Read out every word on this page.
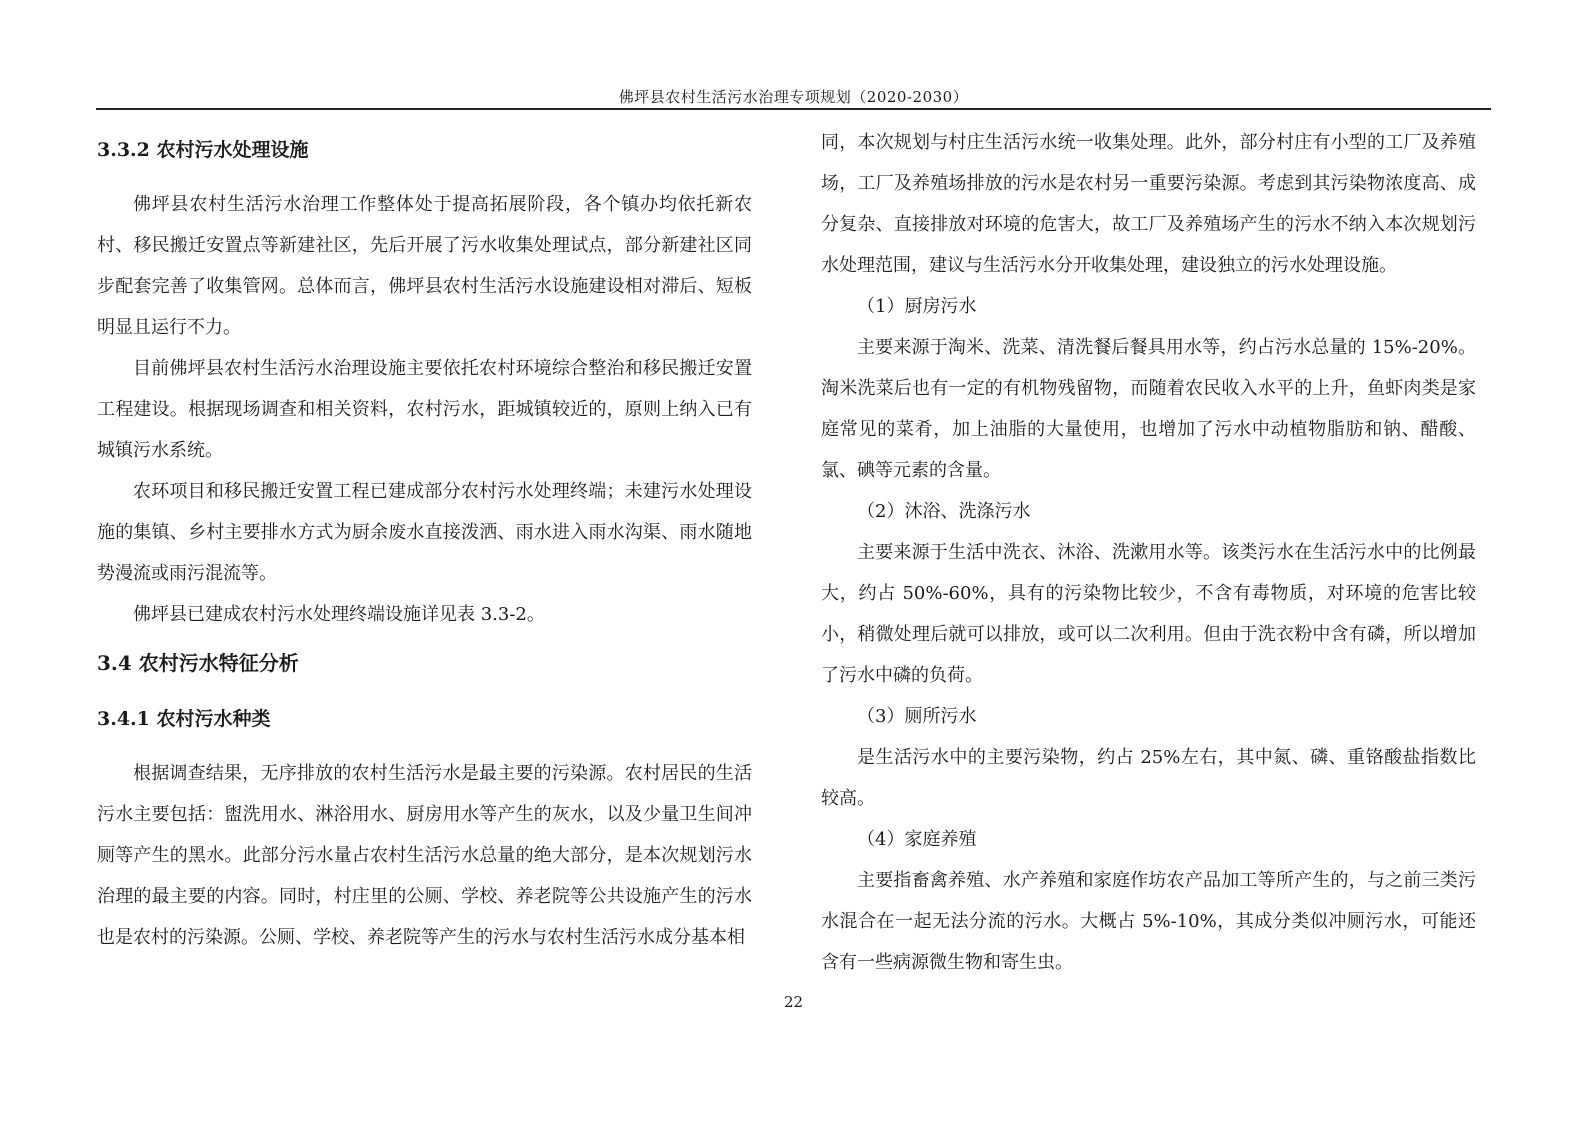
佛坪县农村生活污水治理专项规划（2020-2030）
3.3.2 农村污水处理设施

佛坪县农村生活污水治理工作整体处于提高拓展阶段，各个镇办均依托新农村、移民搬迁安置点等新建社区，先后开展了污水收集处理试点，部分新建社区同步配套完善了收集管网。总体而言，佛坪县农村生活污水设施建设相对滞后、短板明显且运行不力。

目前佛坪县农村生活污水治理设施主要依托农村环境综合整治和移民搬迁安置工程建设。根据现场调查和相关资料，农村污水，距城镇较近的，原则上纳入已有城镇污水系统。

农环项目和移民搬迁安置工程已建成部分农村污水处理终端；未建污水处理设施的集镇、乡村主要排水方式为厨余废水直接泼洒、雨水进入雨水沟渠、雨水随地势漫流或雨污混流等。

佛坪县已建成农村污水处理终端设施详见表 3.3-2。

3.4 农村污水特征分析
3.4.1 农村污水种类

根据调查结果，无序排放的农村生活污水是最主要的污染源。农村居民的生活污水主要包括：盥洗用水、淋浴用水、厨房用水等产生的灰水，以及少量卫生间冲厕等产生的黑水。此部分污水量占农村生活污水总量的绝大部分，是本次规划污水治理的最主要的内容。同时，村庄里的公厕、学校、养老院等公共设施产生的污水也是农村的污染源。公厕、学校、养老院等产生的污水与农村生活污水成分基本相

同，本次规划与村庄生活污水统一收集处理。此外，部分村庄有小型的工厂及养殖场，工厂及养殖场排放的污水是农村另一重要污染源。考虑到其污染物浓度高、成分复杂、直接排放对环境的危害大，故工厂及养殖场产生的污水不纳入本次规划污水处理范围，建议与生活污水分开收集处理，建设独立的污水处理设施。

（1）厨房污水

主要来源于淘米、洗菜、清洗餐后餐具用水等，约占污水总量的 15%-20%。淘米洗菜后也有一定的有机物残留物，而随着农民收入水平的上升，鱼虾肉类是家庭常见的菜肴，加上油脂的大量使用，也增加了污水中动植物脂肪和钠、醋酸、氯、碘等元素的含量。

（2）沐浴、洗涤污水

主要来源于生活中洗衣、沐浴、洗漱用水等。该类污水在生活污水中的比例最大，约占 50%-60%，具有的污染物比较少，不含有毒物质，对环境的危害比较小，稍微处理后就可以排放，或可以二次利用。但由于洗衣粉中含有磷，所以增加了污水中磷的负荷。

（3）厕所污水

是生活污水中的主要污染物，约占 25%左右，其中氮、磷、重铬酸盐指数比较高。

（4）家庭养殖

主要指畜禽养殖、水产养殖和家庭作坊农产品加工等所产生的，与之前三类污水混合在一起无法分流的污水。大概占 5%-10%，其成分类似冲厕污水，可能还含有一些病源微生物和寄生虫。

22
